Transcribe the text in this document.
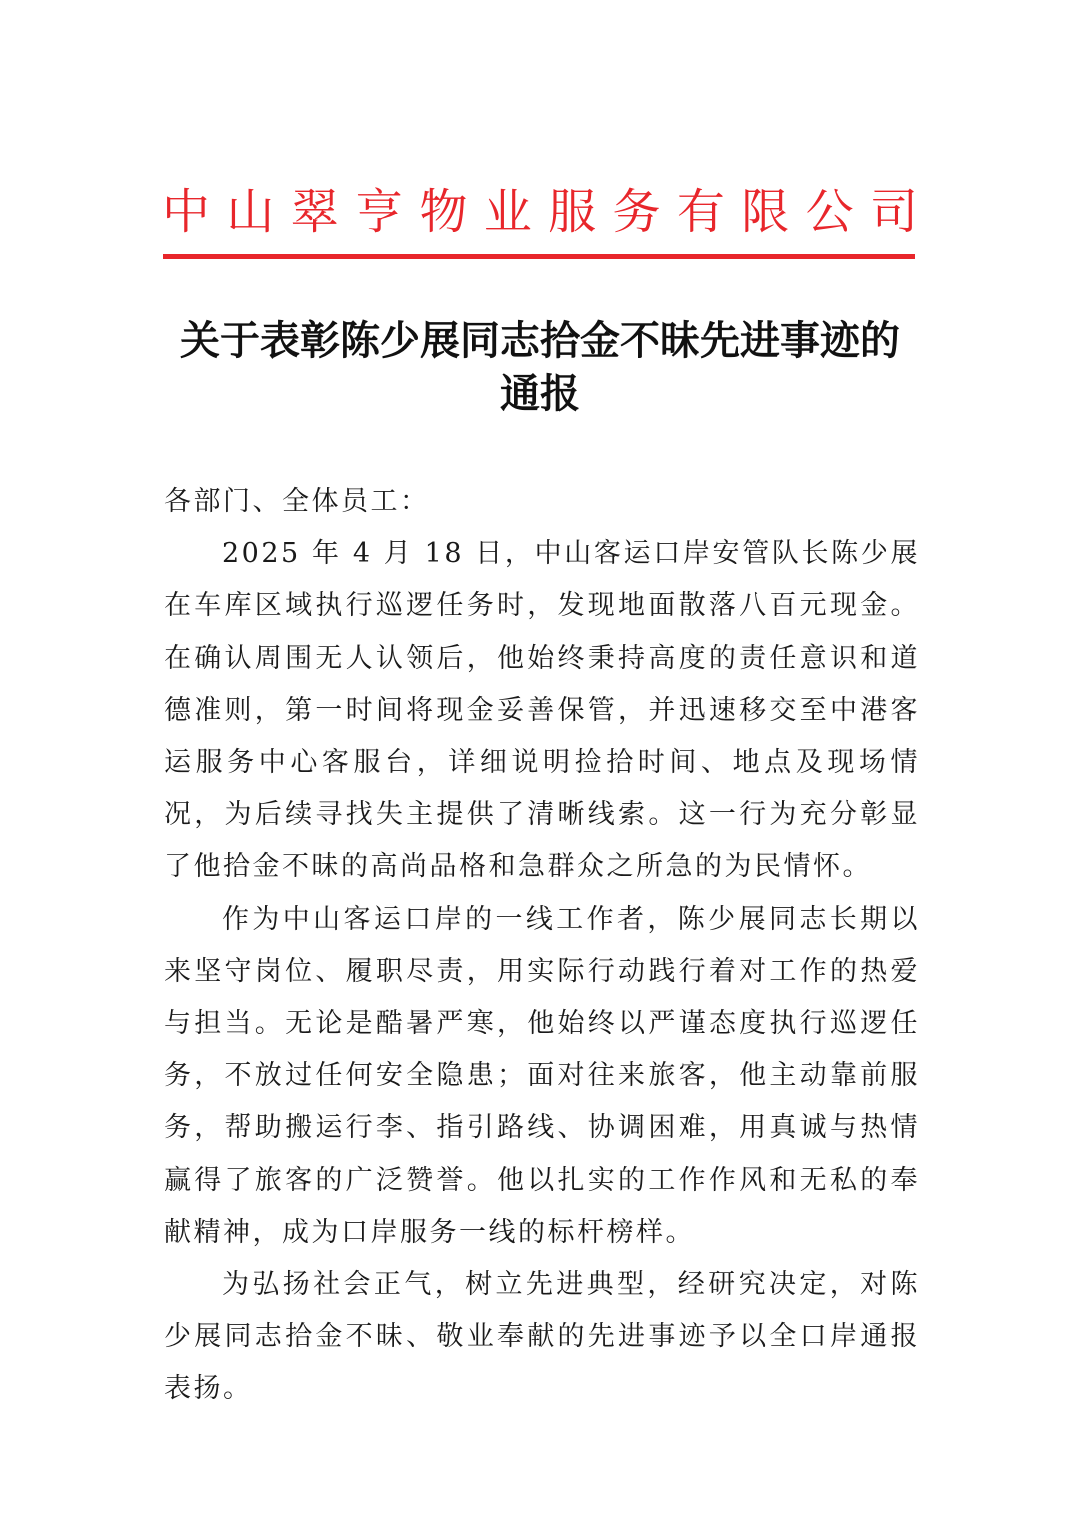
中山翠亨物业服务有限公司
关于表彰陈少展同志拾金不昧先进事迹的
通报

各部门、全体员工：

2025 年 4 月 18 日，中山客运口岸安管队长陈少展在车库区域执行巡逻任务时，发现地面散落八百元现金。在确认周围无人认领后，他始终秉持高度的责任意识和道德准则，第一时间将现金妥善保管，并迅速移交至中港客运服务中心客服台，详细说明捡拾时间、地点及现场情况，为后续寻找失主提供了清晰线索。这一行为充分彰显了他拾金不昧的高尚品格和急群众之所急的为民情怀。

作为中山客运口岸的一线工作者，陈少展同志长期以来坚守岗位、履职尽责，用实际行动践行着对工作的热爱与担当。无论是酷暑严寒，他始终以严谨态度执行巡逻任务，不放过任何安全隐患；面对往来旅客，他主动靠前服务，帮助搬运行李、指引路线、协调困难，用真诚与热情赢得了旅客的广泛赞誉。他以扎实的工作作风和无私的奉献精神，成为口岸服务一线的标杆榜样。

为弘扬社会正气，树立先进典型，经研究决定，对陈少展同志拾金不昧、敬业奉献的先进事迹予以全口岸通报表扬。
